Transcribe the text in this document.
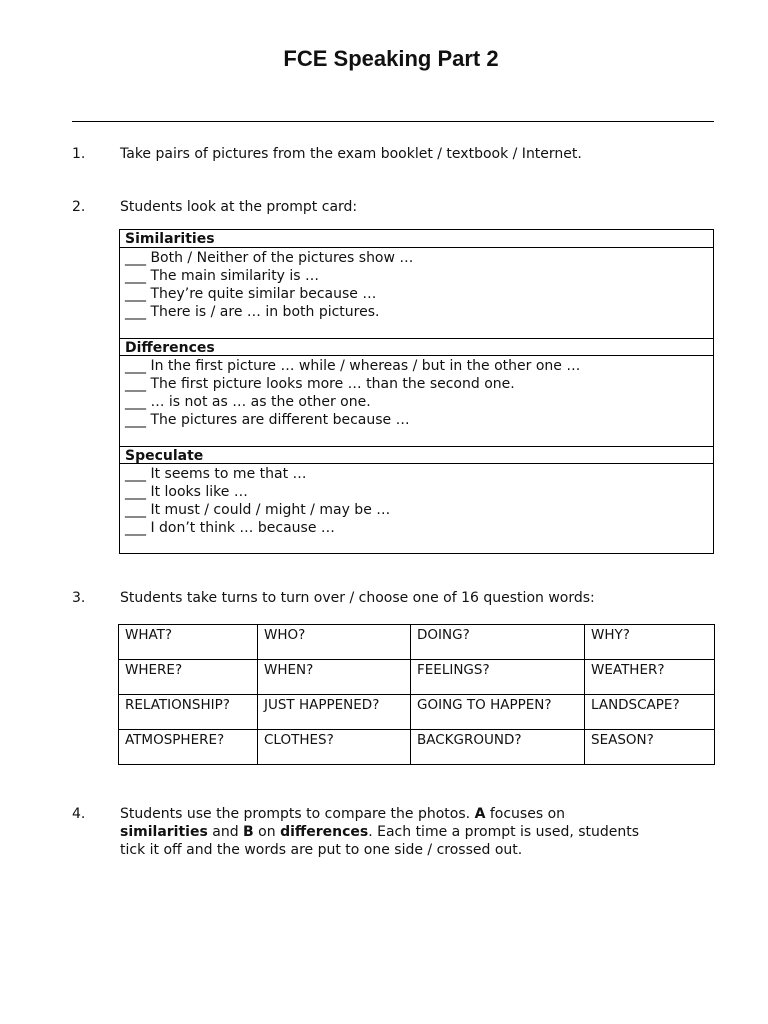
FCE Speaking Part 2
1. Take pairs of pictures from the exam booklet / textbook / Internet.
2. Students look at the prompt card:
Similarities
___ Both / Neither of the pictures show …
___ The main similarity is …
___ They’re quite similar because …
___ There is / are … in both pictures.
Differences
___ In the first picture … while / whereas / but in the other one …
___ The first picture looks more … than the second one.
___ … is not as … as the other one.
___ The pictures are different because …
Speculate
___ It seems to me that …
___ It looks like …
___ It must / could / might / may be …
___ I don’t think … because …
3. Students take turns to turn over / choose one of 16 question words:
WHAT?	WHO?	DOING?	WHY?
WHERE?	WHEN?	FEELINGS?	WEATHER?
RELATIONSHIP?	JUST HAPPENED?	GOING TO HAPPEN?	LANDSCAPE?
ATMOSPHERE?	CLOTHES?	BACKGROUND?	SEASON?
4. Students use the prompts to compare the photos. A focuses on
similarities and B on differences. Each time a prompt is used, students
tick it off and the words are put to one side / crossed out.
